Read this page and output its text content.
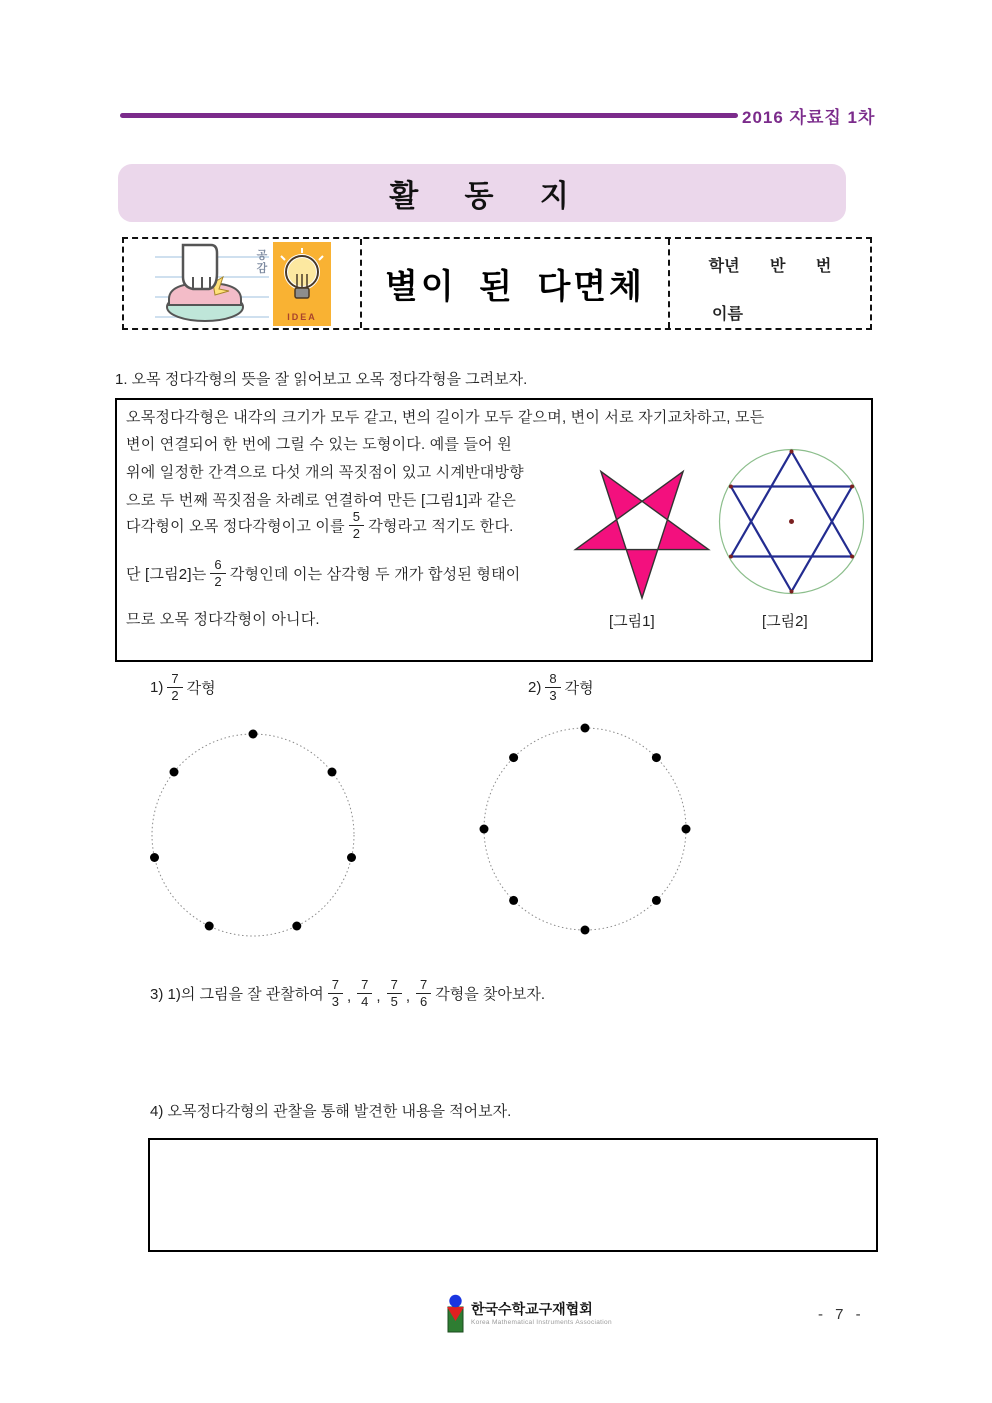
2016 자료집 1차
활 동 지
공감
IDEA
별이 된 다면체
학년 반 번
이름
1. 오목 정다각형의 뜻을 잘 읽어보고 오목 정다각형을 그려보자.
오목정다각형은 내각의 크기가 모두 같고, 변의 길이가 모두 같으며, 변이 서로 자기교차하고, 모든
변이 연결되어 한 번에 그릴 수 있는 도형이다. 예를 들어 원
위에 일정한 간격으로 다섯 개의 꼭짓점이 있고 시계반대방향
으로 두 번째 꼭짓점을 차례로 연결하여 만든 [그림1]과 같은
다각형이 오목 정다각형이고 이를 $\frac{5}{2}$ 각형라고 적기도 한다.
단 [그림2]는 $\frac{6}{2}$ 각형인데 이는 삼각형 두 개가 합성된 형태이
므로 오목 정다각형이 아니다.	[그림1]	[그림2]
$1) \frac{7}{2}$ 각형	$2) \frac{8}{3}$ 각형
3) 1)의 그림을 잘 관찰하여 $\frac{7}{3}$ , $\frac{7}{4}$ , $\frac{7}{5}$ , $\frac{7}{6}$ 각형을 찾아보자.
4) 오목정다각형의 관찰을 통해 발견한 내용을 적어보자.
한국수학교구재협회
Korea Mathematical Instruments Association	- 7 -
